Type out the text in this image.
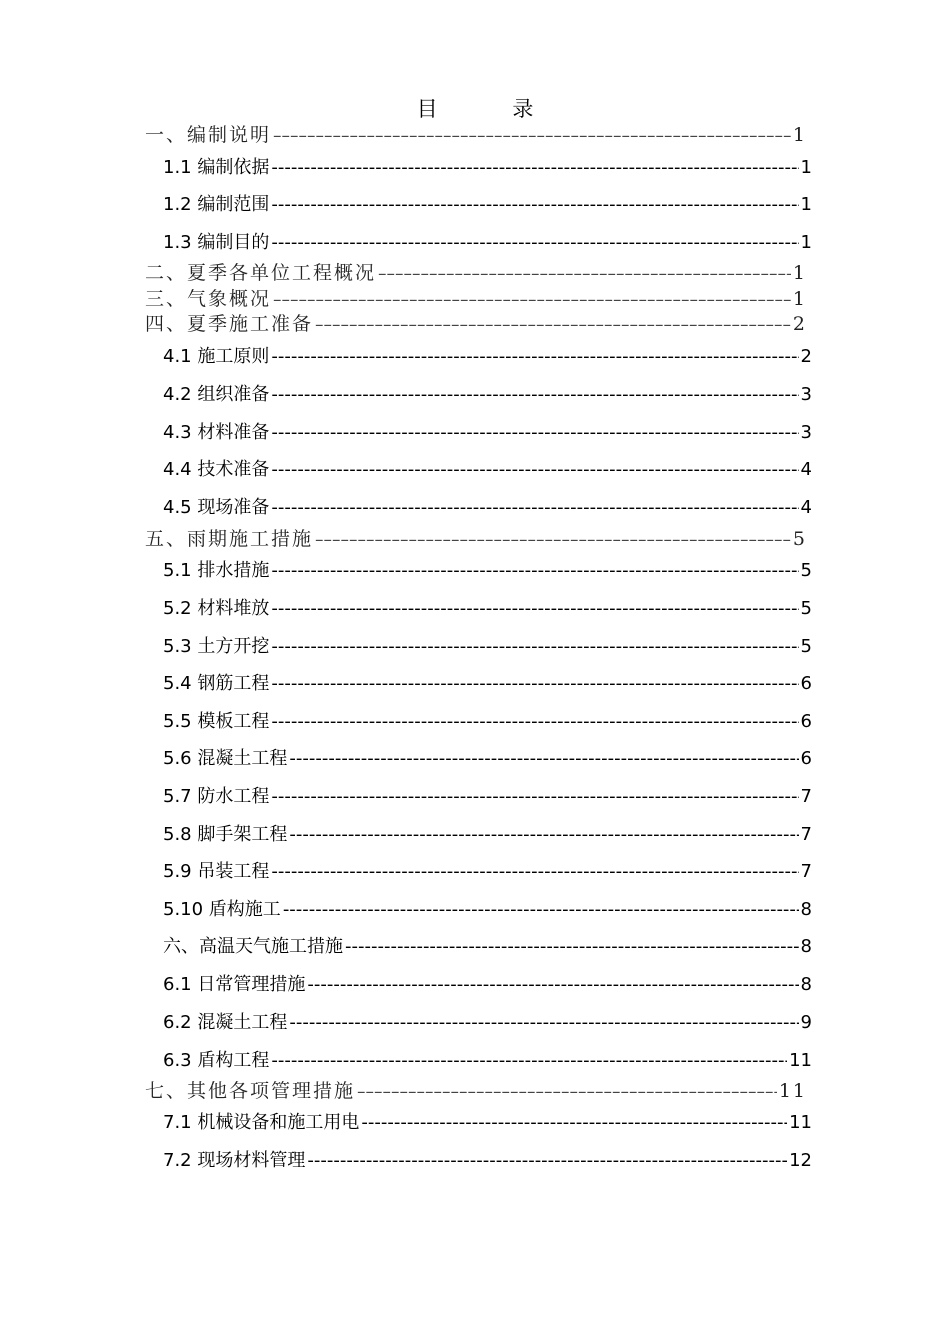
目 录
一、编制说明 –––––	1
1.1 编制依据 -----	1
1.2 编制范围 -----	1
1.3 编制目的 -----	1
二、夏季各单位工程概况 –––––	1
三、气象概况 –––––	1
四、夏季施工准备 –––––	2
4.1 施工原则 -----	2
4.2 组织准备 -----	3
4.3 材料准备 -----	3
4.4 技术准备 -----	4
4.5 现场准备 -----	4
五、雨期施工措施 –––––	5
5.1 排水措施 -----	5
5.2 材料堆放 -----	5
5.3 土方开挖 -----	5
5.4 钢筋工程 -----	6
5.5 模板工程 -----	6
5.6 混凝土工程 -----	6
5.7 防水工程 -----	7
5.8 脚手架工程 -----	7
5.9 吊装工程 -----	7
5.10 盾构施工 -----	8
六、高温天气施工措施 -----	8
6.1 日常管理措施 -----	8
6.2 混凝土工程 -----	9
6.3 盾构工程 -----	11
七、其他各项管理措施 –––––	11
7.1 机械设备和施工用电 -----	11
7.2 现场材料管理 -----	12
